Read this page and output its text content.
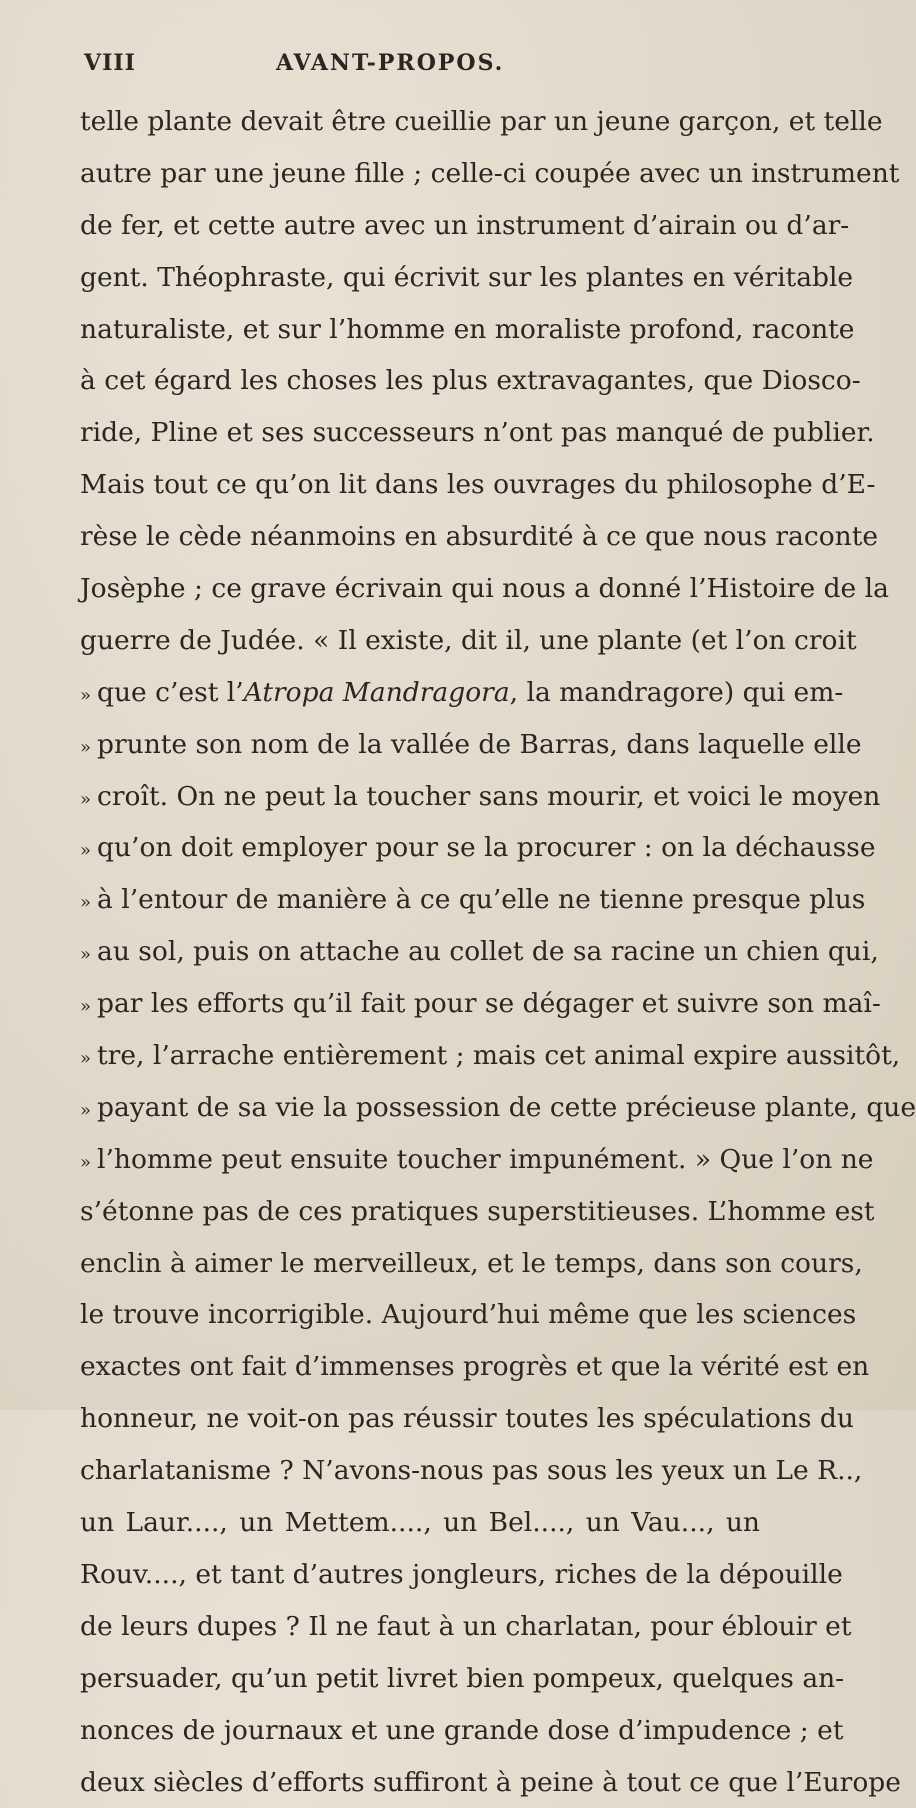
VIII	AVANT-PROPOS.
telle plante devait être cueillie par un jeune garçon, et telle
autre par une jeune fille ; celle-ci coupée avec un instrument
de fer, et cette autre avec un instrument d’airain ou d’ar-
gent. Théophraste, qui écrivit sur les plantes en véritable
naturaliste, et sur l’homme en moraliste profond, raconte
à cet égard les choses les plus extravagantes, que Diosco-
ride, Pline et ses successeurs n’ont pas manqué de publier.
Mais tout ce qu’on lit dans les ouvrages du philosophe d’E-
rèse le cède néanmoins en absurdité à ce que nous raconte
Josèphe ; ce grave écrivain qui nous a donné l’Histoire de la
guerre de Judée. « Il existe, dit il, une plante (et l’on croit
» que c’est l’Atropa Mandragora, la mandragore) qui em-
» prunte son nom de la vallée de Barras, dans laquelle elle
» croît. On ne peut la toucher sans mourir, et voici le moyen
» qu’on doit employer pour se la procurer : on la déchausse
» à l’entour de manière à ce qu’elle ne tienne presque plus
» au sol, puis on attache au collet de sa racine un chien qui,
» par les efforts qu’il fait pour se dégager et suivre son maî-
» tre, l’arrache entièrement ; mais cet animal expire aussitôt,
» payant de sa vie la possession de cette précieuse plante, que
» l’homme peut ensuite toucher impunément. » Que l’on ne
s’étonne pas de ces pratiques superstitieuses. L’homme est
enclin à aimer le merveilleux, et le temps, dans son cours,
le trouve incorrigible. Aujourd’hui même que les sciences
exactes ont fait d’immenses progrès et que la vérité est en
honneur, ne voit-on pas réussir toutes les spéculations du
charlatanisme ? N’avons-nous pas sous les yeux un Le R..,
un Laur...., un Mettem...., un Bel...., un Vau..., un
Rouv...., et tant d’autres jongleurs, riches de la dépouille
de leurs dupes ? Il ne faut à un charlatan, pour éblouir et
persuader, qu’un petit livret bien pompeux, quelques an-
nonces de journaux et une grande dose d’impudence ; et
deux siècles d’efforts suffiront à peine à tout ce que l’Europe
